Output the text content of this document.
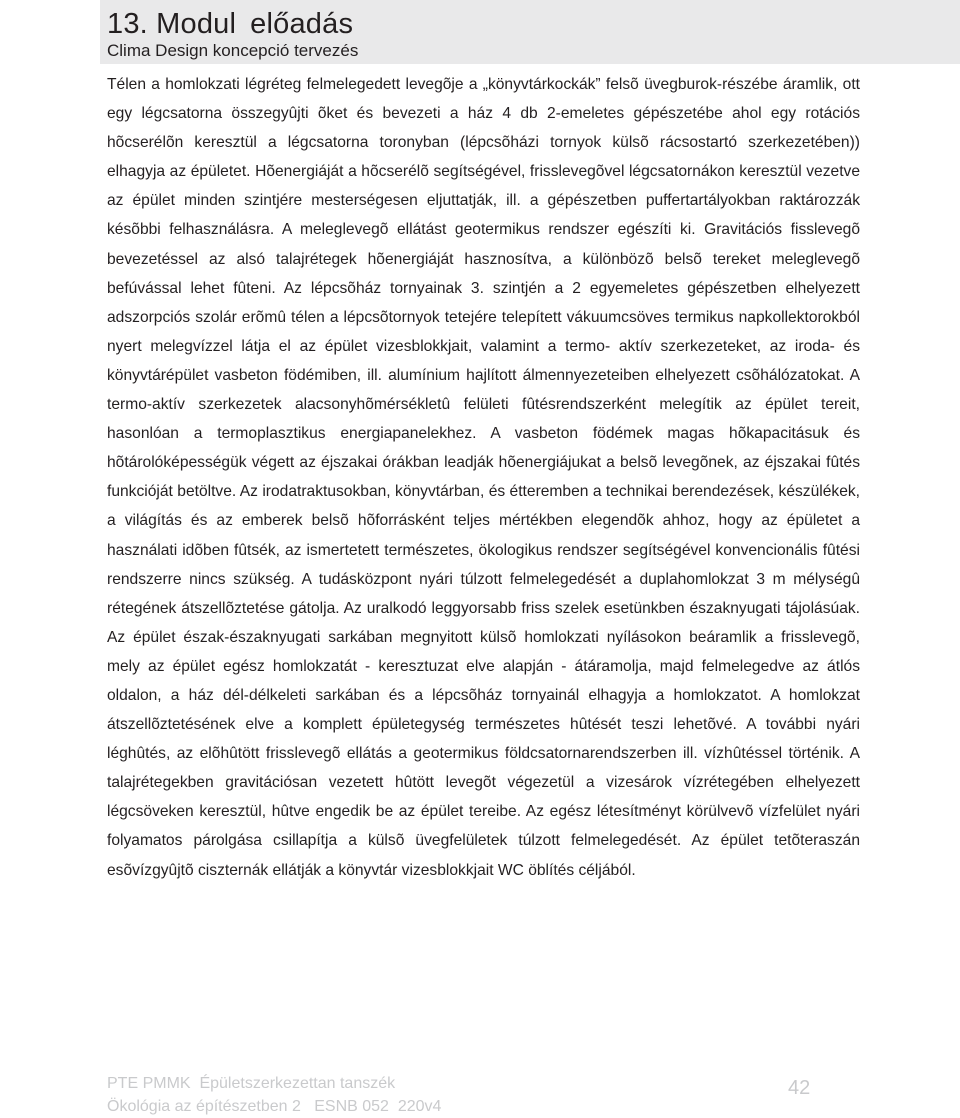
13. Modul előadás
Clima Design koncepció tervezés

Télen a homlokzati légréteg felmelegedett levegõje a „könyvtárkockák” felsõ üvegburok-részébe áramlik, ott egy légcsatorna összegyûjti õket és bevezeti a ház 4 db 2-emeletes gépészetébe ahol egy rotációs hõcserélõn keresztül a légcsatorna toronyban (lépcsõházi tornyok külsõ rácsostartó szerkezetében)) elhagyja az épületet. Hõenergiáját a hõcserélõ segítségével, frisslevegõvel légcsatornákon keresztül vezetve az épület minden szintjére mesterségesen eljuttatják, ill. a gépészetben puffertartályokban raktározzák késõbbi felhasználásra. A meleglevegõ ellátást geotermikus rendszer egészíti ki. Gravitációs fisslevegõ bevezetéssel az alsó talajrétegek hõenergiáját hasznosítva, a különbözõ belsõ tereket meleglevegõ befúvással lehet fûteni. Az lépcsõház tornyainak 3. szintjén a 2 egyemeletes gépészetben elhelyezett adszorpciós szolár erõmû télen a lépcsõtornyok tetejére telepített vákuumcsöves termikus napkollektorokból nyert melegvízzel látja el az épület vizesblokkjait, valamint a termo- aktív szerkezeteket, az iroda- és könyvtárépület vasbeton födémiben, ill. alumínium hajlított álmennyezeteiben elhelyezett csõhálózatokat. A termo-aktív szerkezetek alacsonyhõmérsékletû felületi fûtésrendszerként melegítik az épület tereit, hasonlóan a termoplasztikus energiapanelekhez. A vasbeton födémek magas hõkapacitásuk és hõtárolóképességük végett az éjszakai órákban leadják hõenergiájukat a belsõ levegõnek, az éjszakai fûtés funkcióját betöltve. Az irodatraktusokban, könyvtárban, és étteremben a technikai berendezések, készülékek, a világítás és az emberek belsõ hõforrásként teljes mértékben elegendõk ahhoz, hogy az épületet a használati idõben fûtsék, az ismertetett természetes, ökologikus rendszer segítségével konvencionális fûtési rendszerre nincs szükség. A tudásközpont nyári túlzott felmelegedését a duplahomlokzat 3 m mélységû rétegének átszellõztetése gátolja. Az uralkodó leggyorsabb friss szelek esetünkben északnyugati tájolásúak. Az épület észak-északnyugati sarkában megnyitott külsõ homlokzati nyílásokon beáramlik a frisslevegõ, mely az épület egész homlokzatát - keresztuzat elve alapján - átáramolja, majd felmelegedve az átlós oldalon, a ház dél-délkeleti sarkában és a lépcsõház tornyainál elhagyja a homlokzatot. A homlokzat átszellõztetésének elve a komplett épületegység természetes hûtését teszi lehetõvé. A további nyári léghûtés, az elõhûtött frisslevegõ ellátás a geotermikus földcsatornarendszerben ill. vízhûtéssel történik. A talajrétegekben gravitációsan vezetett hûtött levegõt végezetül a vizesárok vízrétegében elhelyezett légcsöveken keresztül, hûtve engedik be az épület tereibe. Az egész létesítményt körülvevõ vízfelület nyári folyamatos párolgása csillapítja a külsõ üvegfelületek túlzott felmelegedését. Az épület tetõteraszán esõvízgyûjtõ ciszternák ellátják a könyvtár vizesblokkjait WC öblítés céljából.

PTE PMMK  Épületszerkezettan tanszék
Ökológia az építészetben 2   ESNB 052  220v4
42
